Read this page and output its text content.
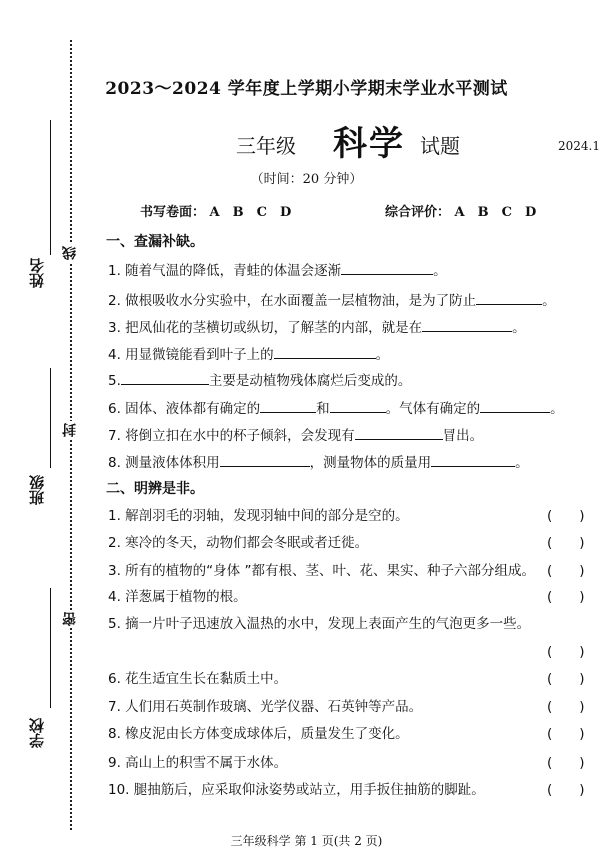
线
封
密
姓名
班级
学校
2023～2024 学年度上学期小学期末学业水平测试
三年级 科学 试题	2024.1
（时间：20 分钟）
书写卷面： A　B　C　D	综合评价： A　B　C　D
一、查漏补缺。
1. 随着气温的降低，青蛙的体温会逐渐	。
2. 做根吸收水分实验中，在水面覆盖一层植物油，是为了防止	。
3. 把凤仙花的茎横切或纵切，了解茎的内部，就是在	。
4. 用显微镜能看到叶子上的	。
5.	主要是动植物残体腐烂后变成的。
6. 固体、液体都有确定的	和	。气体有确定的	。
7. 将倒立扣在水中的杯子倾斜，会发现有	冒出。
8. 测量液体体积用	，测量物体的质量用	。
二、明辨是非。
1. 解剖羽毛的羽轴，发现羽轴中间的部分是空的。	(　　)
2. 寒冷的冬天，动物们都会冬眠或者迁徙。	(　　)
3. 所有的植物的“身体 ”都有根、茎、叶、花、果实、种子六部分组成。 (　　)
4. 洋葱属于植物的根。	(　　)
5. 摘一片叶子迅速放入温热的水中，发现上表面产生的气泡更多一些。
(　　)
6. 花生适宜生长在黏质土中。	(　　)
7. 人们用石英制作玻璃、光学仪器、石英钟等产品。	(　　)
8. 橡皮泥由长方体变成球体后，质量发生了变化。	(　　)
9. 高山上的积雪不属于水体。	(　　)
10. 腿抽筋后，应采取仰泳姿势或站立，用手扳住抽筋的脚趾。	(　　)
三年级科学 第 1 页(共 2 页)
